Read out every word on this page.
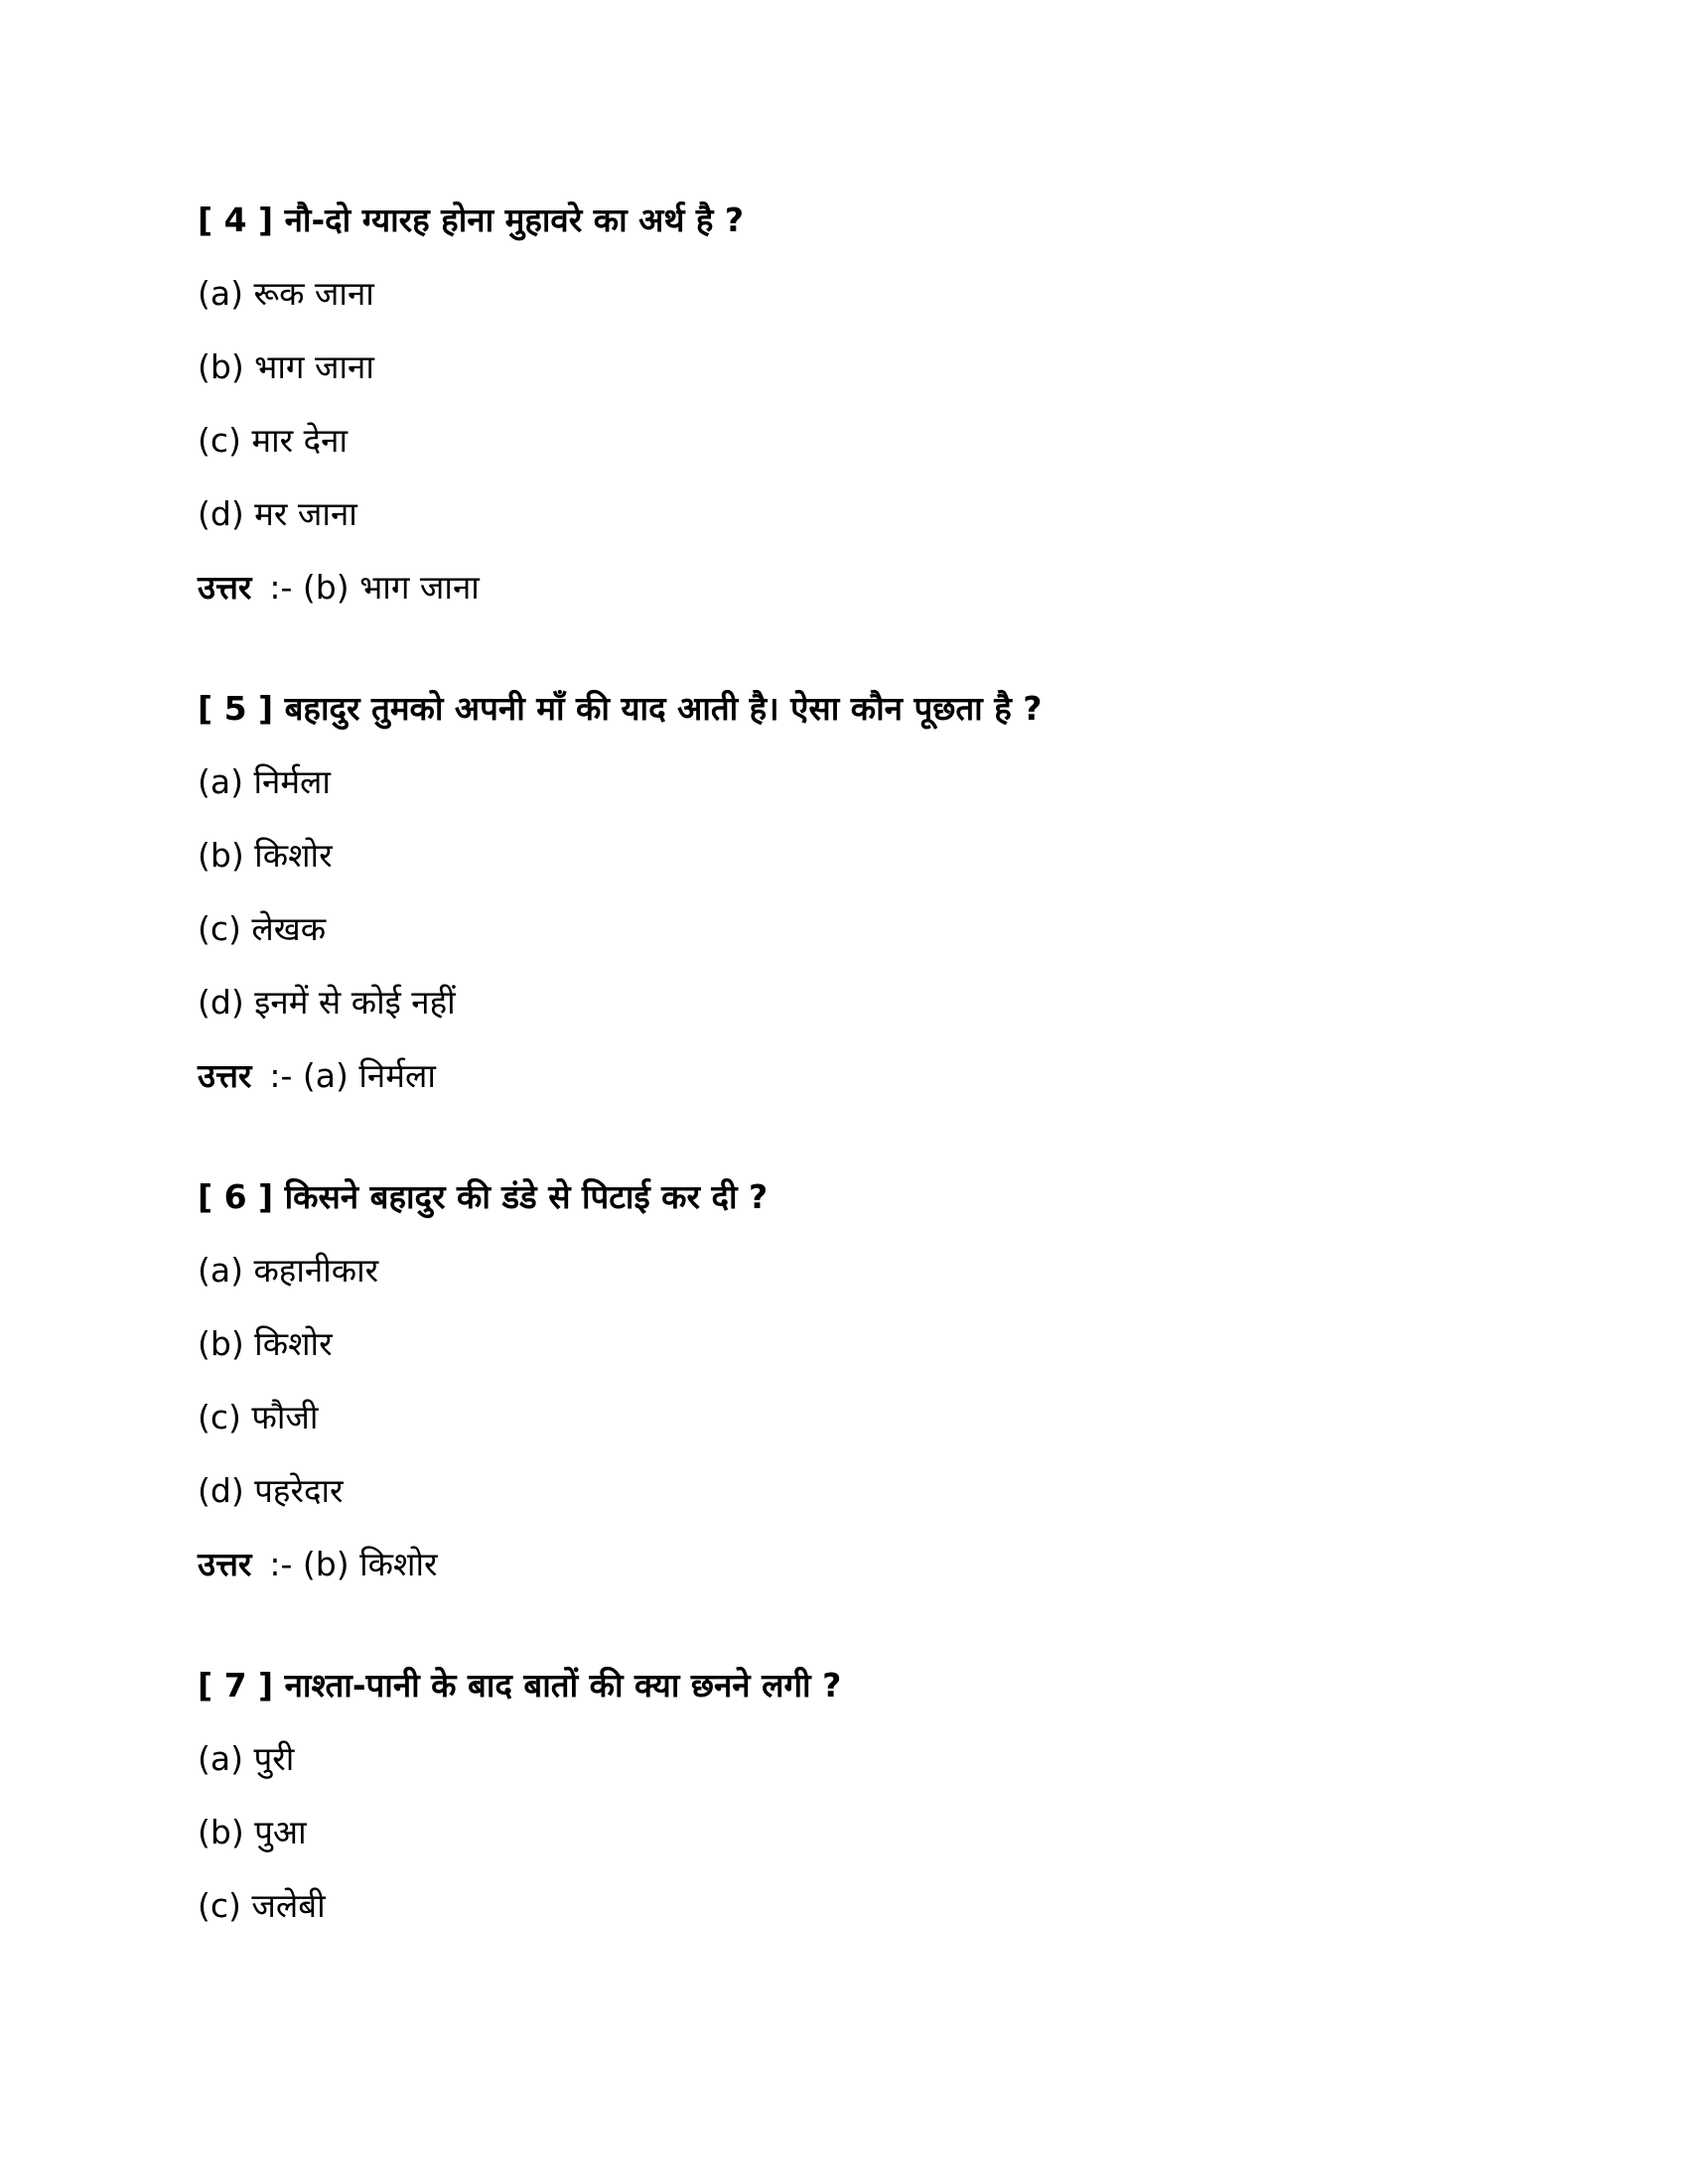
[ 4 ] नौ-दो ग्यारह होना मुहावरे का अर्थ है ?
(a) रूक जाना
(b) भाग जाना
(c) मार देना
(d) मर जाना
उत्तर :- (b) भाग जाना
[ 5 ] बहादुर तुमको अपनी माँ की याद आती है। ऐसा कौन पूछता है ?
(a) निर्मला
(b) किशोर
(c) लेखक
(d) इनमें से कोई नहीं
उत्तर :- (a) निर्मला
[ 6 ] किसने बहादुर की डंडे से पिटाई कर दी ?
(a) कहानीकार
(b) किशोर
(c) फौजी
(d) पहरेदार
उत्तर :- (b) किशोर
[ 7 ] नाश्ता-पानी के बाद बातों की क्या छनने लगी ?
(a) पुरी
(b) पुआ
(c) जलेबी
